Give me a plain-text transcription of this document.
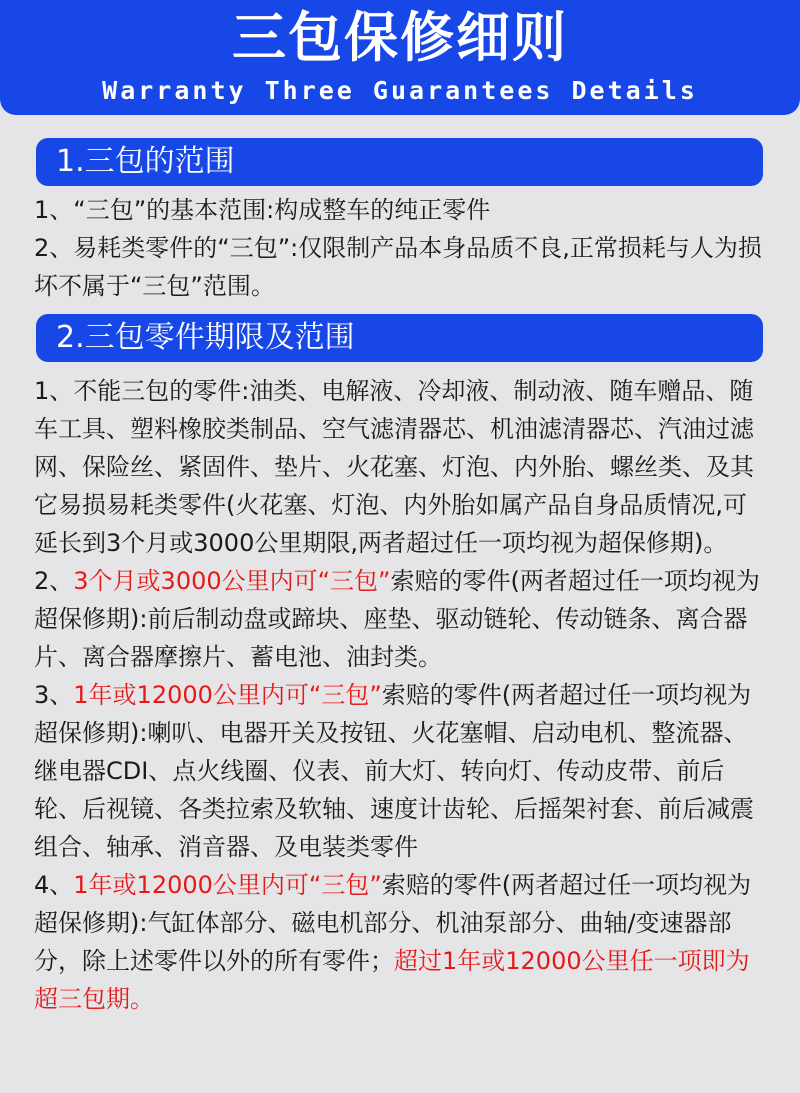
三包保修细则
Warranty Three Guarantees Details
1.三包的范围
1、“三包”的基本范围:构成整车的纯正零件
2、易耗类零件的“三包”:仅限制产品本身品质不良,正常损耗与人为损坏不属于“三包”范围。
2.三包零件期限及范围
1、不能三包的零件:油类、电解液、冷却液、制动液、随车赠品、随车工具、塑料橡胶类制品、空气滤清器芯、机油滤清器芯、汽油过滤网、保险丝、紧固件、垫片、火花塞、灯泡、内外胎、螺丝类、及其它易损易耗类零件(火花塞、灯泡、内外胎如属产品自身品质情况,可延长到3个月或3000公里期限,两者超过任一项均视为超保修期)。
2、3个月或3000公里内可“三包”索赔的零件(两者超过任一项均视为超保修期):前后制动盘或蹄块、座垫、驱动链轮、传动链条、离合器片、离合器摩擦片、蓄电池、油封类。
3、1年或12000公里内可“三包”索赔的零件(两者超过任一项均视为超保修期):喇叭、电器开关及按钮、火花塞帽、启动电机、整流器、继电器CDI、点火线圈、仪表、前大灯、转向灯、传动皮带、前后轮、后视镜、各类拉索及软轴、速度计齿轮、后摇架衬套、前后减震组合、轴承、消音器、及电装类零件
4、1年或12000公里内可“三包”索赔的零件(两者超过任一项均视为超保修期):气缸体部分、磁电机部分、机油泵部分、曲轴/变速器部分，除上述零件以外的所有零件；超过1年或12000公里任一项即为超三包期。
